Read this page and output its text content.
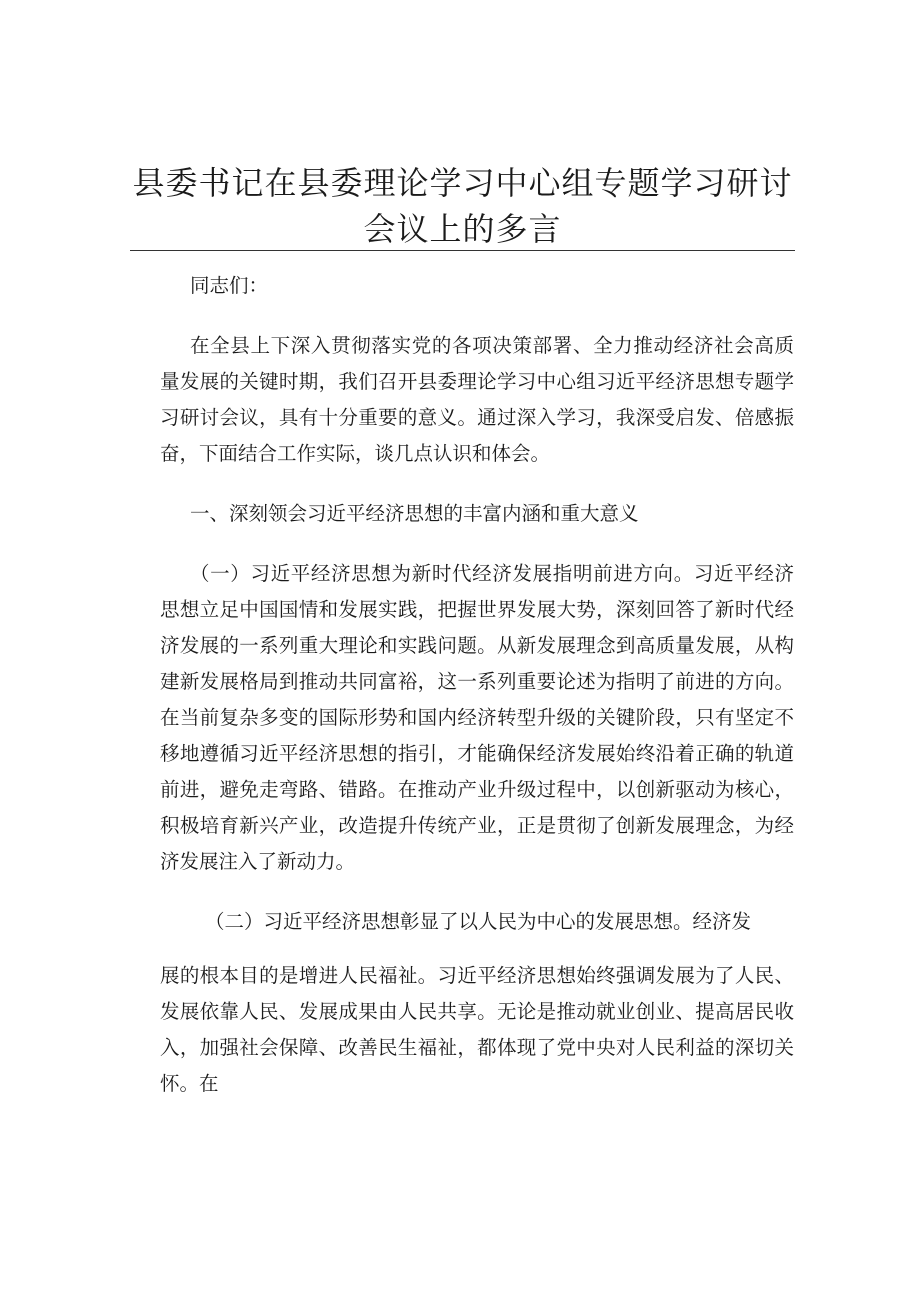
县委书记在县委理论学习中心组专题学习研讨
会议上的多言

同志们：

在全县上下深入贯彻落实党的各项决策部署、全力推动经济社会高质量发展的关键时期，我们召开县委理论学习中心组习近平经济思想专题学习研讨会议，具有十分重要的意义。通过深入学习，我深受启发、倍感振奋，下面结合工作实际，谈几点认识和体会。

一、深刻领会习近平经济思想的丰富内涵和重大意义

（一）习近平经济思想为新时代经济发展指明前进方向。习近平经济思想立足中国国情和发展实践，把握世界发展大势，深刻回答了新时代经济发展的一系列重大理论和实践问题。从新发展理念到高质量发展，从构建新发展格局到推动共同富裕，这一系列重要论述为指明了前进的方向。在当前复杂多变的国际形势和国内经济转型升级的关键阶段，只有坚定不移地遵循习近平经济思想的指引，才能确保经济发展始终沿着正确的轨道前进，避免走弯路、错路。在推动产业升级过程中，以创新驱动为核心，积极培育新兴产业，改造提升传统产业，正是贯彻了创新发展理念，为经济发展注入了新动力。

（二）习近平经济思想彰显了以人民为中心的发展思想。经济发

展的根本目的是增进人民福祉。习近平经济思想始终强调发展为了人民、发展依靠人民、发展成果由人民共享。无论是推动就业创业、提高居民收入，加强社会保障、改善民生福祉，都体现了党中央对人民利益的深切关怀。在
